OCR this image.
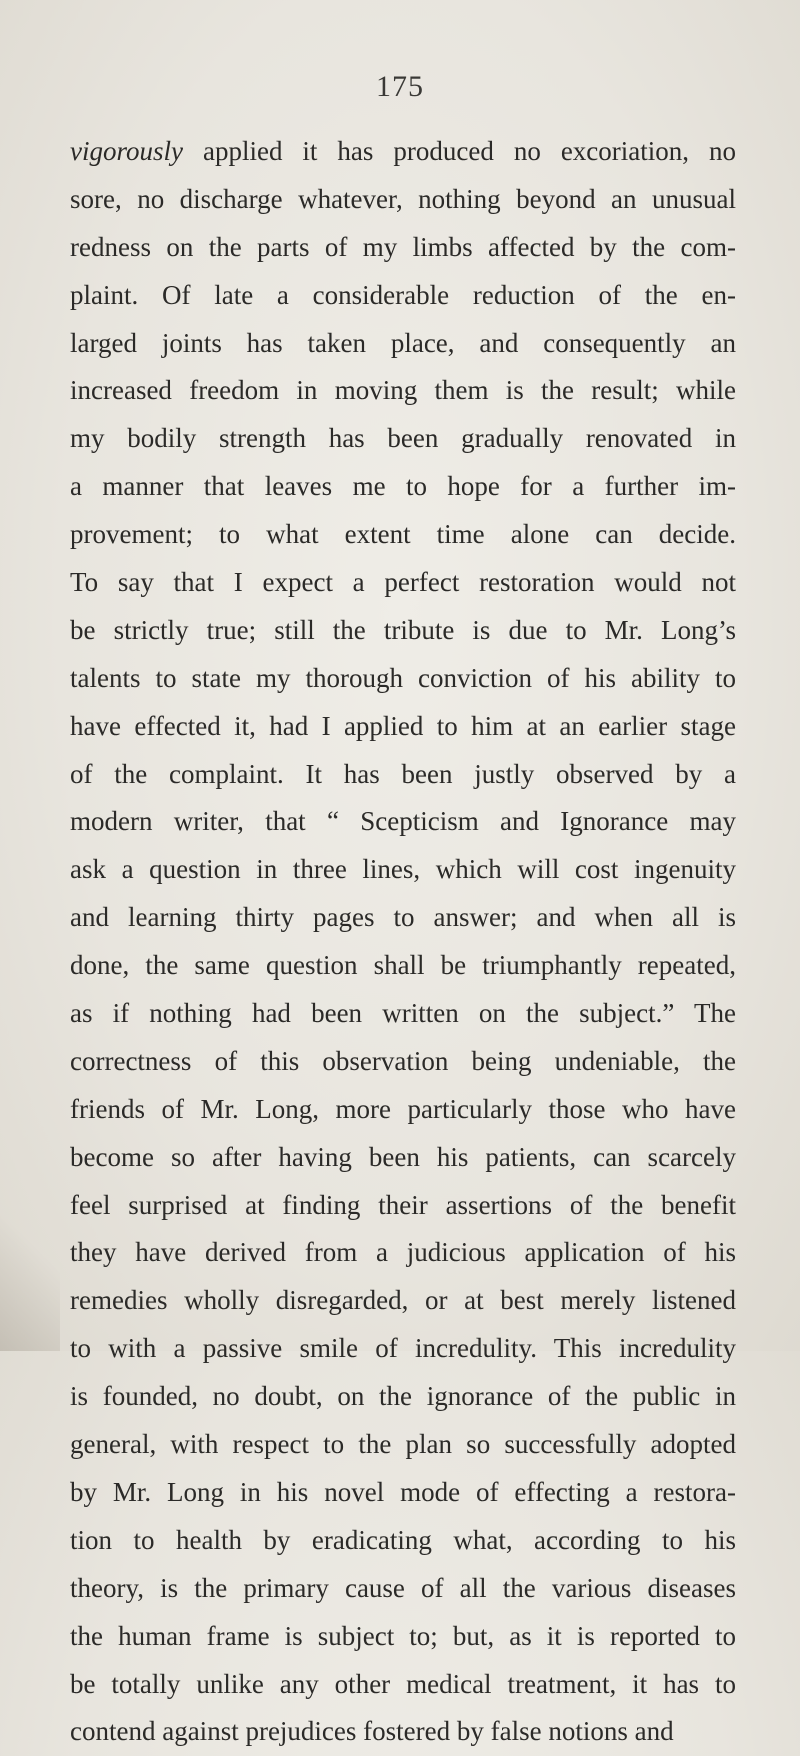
175
vigorously applied it has produced no excoriation, no
sore, no discharge whatever, nothing beyond an unusual
redness on the parts of my limbs affected by the com-
plaint. Of late a considerable reduction of the en-
larged joints has taken place, and consequently an
increased freedom in moving them is the result; while
my bodily strength has been gradually renovated in
a manner that leaves me to hope for a further im-
provement; to what extent time alone can decide.
To say that I expect a perfect restoration would not
be strictly true; still the tribute is due to Mr. Long’s
talents to state my thorough conviction of his ability to
have effected it, had I applied to him at an earlier stage
of the complaint. It has been justly observed by a
modern writer, that “ Scepticism and Ignorance may
ask a question in three lines, which will cost ingenuity
and learning thirty pages to answer; and when all is
done, the same question shall be triumphantly repeated,
as if nothing had been written on the subject.” The
correctness of this observation being undeniable, the
friends of Mr. Long, more particularly those who have
become so after having been his patients, can scarcely
feel surprised at finding their assertions of the benefit
they have derived from a judicious application of his
remedies wholly disregarded, or at best merely listened
to with a passive smile of incredulity. This incredulity
is founded, no doubt, on the ignorance of the public in
general, with respect to the plan so successfully adopted
by Mr. Long in his novel mode of effecting a restora-
tion to health by eradicating what, according to his
theory, is the primary cause of all the various diseases
the human frame is subject to; but, as it is reported to
be totally unlike any other medical treatment, it has to
contend against prejudices fostered by false notions and
